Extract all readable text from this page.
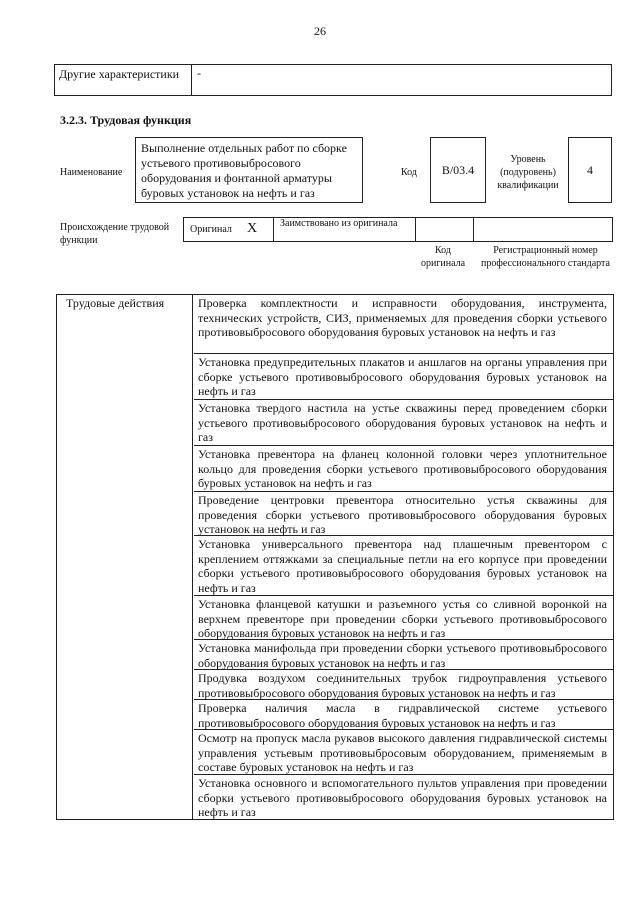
26
Другие характеристики	-
3.2.3. Трудовая функция
Наименование
Выполнение отдельных работ по сборке устьевого противовыбросового оборудования и фонтанной арматуры буровых установок на нефть и газ
Код	В/03.4
Уровень (подуровень) квалификации
4
Происхождение трудовой функции
Оригинал X Заимствовано из оригинала
Код оригинала
Регистрационный номер профессионального стандарта
Трудовые действия	Проверка комплектности и исправности оборудования, инструмента, технических устройств, СИЗ, применяемых для проведения сборки устьевого противовыбросового оборудования буровых установок на нефть и газ
Установка предупредительных плакатов и аншлагов на органы управления при сборке устьевого противовыбросового оборудования буровых установок на нефть и газ
Установка твердого настила на устье скважины перед проведением сборки устьевого противовыбросового оборудования буровых установок на нефть и газ
Установка превентора на фланец колонной головки через уплотнительное кольцо для проведения сборки устьевого противовыбросового оборудования буровых установок на нефть и газ
Проведение центровки превентора относительно устья скважины для проведения сборки устьевого противовыбросового оборудования буровых установок на нефть и газ
Установка универсального превентора над плашечным превентором с креплением оттяжками за специальные петли на его корпусе при проведении сборки устьевого противовыбросового оборудования буровых установок на нефть и газ
Установка фланцевой катушки и разъемного устья со сливной воронкой на верхнем превенторе при проведении сборки устьевого противовыбросового оборудования буровых установок на нефть и газ
Установка манифольда при проведении сборки устьевого противовыбросового оборудования буровых установок на нефть и газ
Продувка воздухом соединительных трубок гидроуправления устьевого противовыбросового оборудования буровых установок на нефть и газ
Проверка наличия масла в гидравлической системе устьевого противовыбросового оборудования буровых установок на нефть и газ
Осмотр на пропуск масла рукавов высокого давления гидравлической системы управления устьевым противовыбросовым оборудованием, применяемым в составе буровых установок на нефть и газ
Установка основного и вспомогательного пультов управления при проведении сборки устьевого противовыбросового оборудования буровых установок на нефть и газ
